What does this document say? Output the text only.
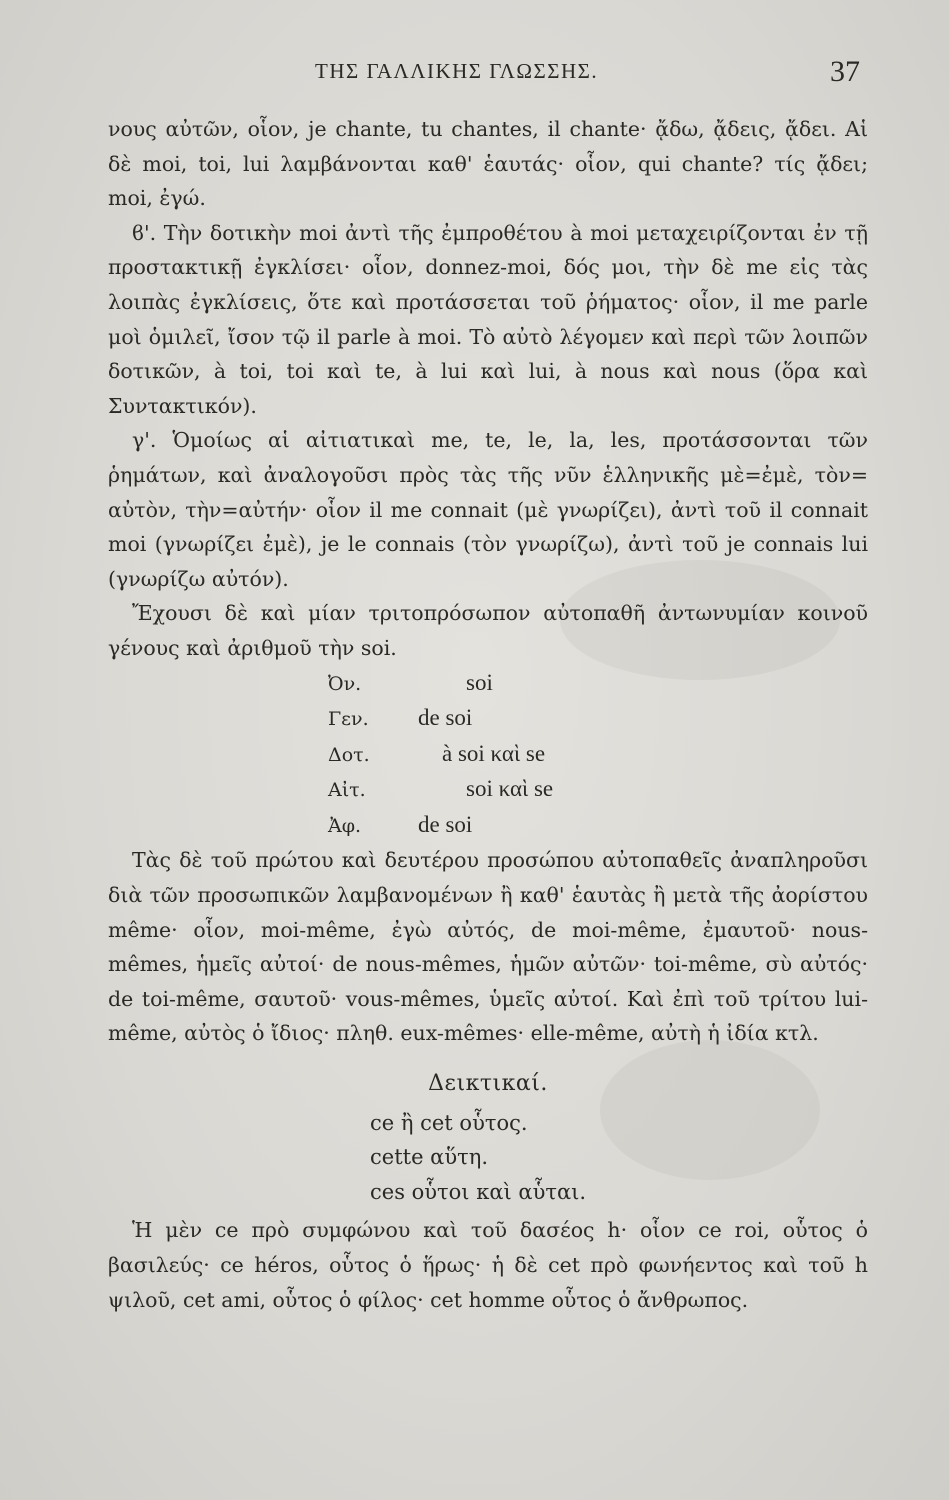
ΤΗΣ ΓΑΛΛΙΚΗΣ ΓΛΩΣΣΗΣ.	37

νους αὐτῶν, οἷον, je chante, tu chantes, il chante· ᾄδω, ᾄδεις, ᾄδει. Αἱ δὲ moi, toi, lui λαμβάνονται καθ' ἑαυτάς· οἷον, qui chante? τίς ᾄδει; moi, ἐγώ.

ϐ'. Τὴν δοτικὴν moi ἀντὶ τῆς ἐμπροθέτου à moi μεταχειρίζονται ἐν τῇ προστακτικῇ ἐγκλίσει· οἷον, donnez-moi, δός μοι, τὴν δὲ me εἰς τὰς λοιπὰς ἐγκλίσεις, ὅτε καὶ προτάσσεται τοῦ ῥήματος· οἷον, il me parle μοὶ ὁμιλεῖ, ἴσον τῷ il parle à moi. Τὸ αὐτὸ λέγομεν καὶ περὶ τῶν λοιπῶν δοτικῶν, à toi, toi καὶ te, à lui καὶ lui, à nous καὶ nous (ὅρα καὶ Συντακτικόν).

γ'. Ὁμοίως αἱ αἰτιατικαὶ me, te, le, la, les, προτάσσονται τῶν ῥημάτων, καὶ ἀναλογοῦσι πρὸς τὰς τῆς νῦν ἑλληνικῆς μὲ=ἐμὲ, τὸν= αὐτὸν, τὴν=αὐτήν· οἷον il me connait (μὲ γνωρίζει), ἀντὶ τοῦ il connait moi (γνωρίζει ἐμὲ), je le connais (τὸν γνωρίζω), ἀντὶ τοῦ je connais lui (γνωρίζω αὐτόν).

Ἔχουσι δὲ καὶ μίαν τριτοπρόσωπον αὐτοπαθῆ ἀντωνυμίαν κοινοῦ γένους καὶ ἀριθμοῦ τὴν soi.

Ὀν.	soi
Γεν.	de soi
Δοτ.	à soi καὶ se
Αἰτ.	soi καὶ se
Ἀφ.	de soi

Τὰς δὲ τοῦ πρώτου καὶ δευτέρου προσώπου αὐτοπαθεῖς ἀναπληροῦσι διὰ τῶν προσωπικῶν λαμβανομένων ἢ καθ' ἑαυτὰς ἢ μετὰ τῆς ἀορίστου même· οἷον, moi-même, ἐγὼ αὐτός, de moi-même, ἐμαυτοῦ· nous-mêmes, ἡμεῖς αὐτοί· de nous-mêmes, ἡμῶν αὐτῶν· toi-même, σὺ αὐτός· de toi-même, σαυτοῦ· vous-mêmes, ὑμεῖς αὐτοί. Καὶ ἐπὶ τοῦ τρίτου lui-même, αὐτὸς ὁ ἴδιος· πληθ. eux-mêmes· elle-même, αὐτὴ ἡ ἰδία κτλ.

Δεικτικαί.
ce ἢ cet οὗτος.
cette αὕτη.
ces οὗτοι καὶ αὗται.

Ἡ μὲν ce πρὸ συμφώνου καὶ τοῦ δασέος h· οἷον ce roi, οὗτος ὁ βασιλεύς· ce héros, οὗτος ὁ ἥρως· ἡ δὲ cet πρὸ φωνήεντος καὶ τοῦ h ψιλοῦ, cet ami, οὗτος ὁ φίλος· cet homme οὗτος ὁ ἄνθρωπος.
